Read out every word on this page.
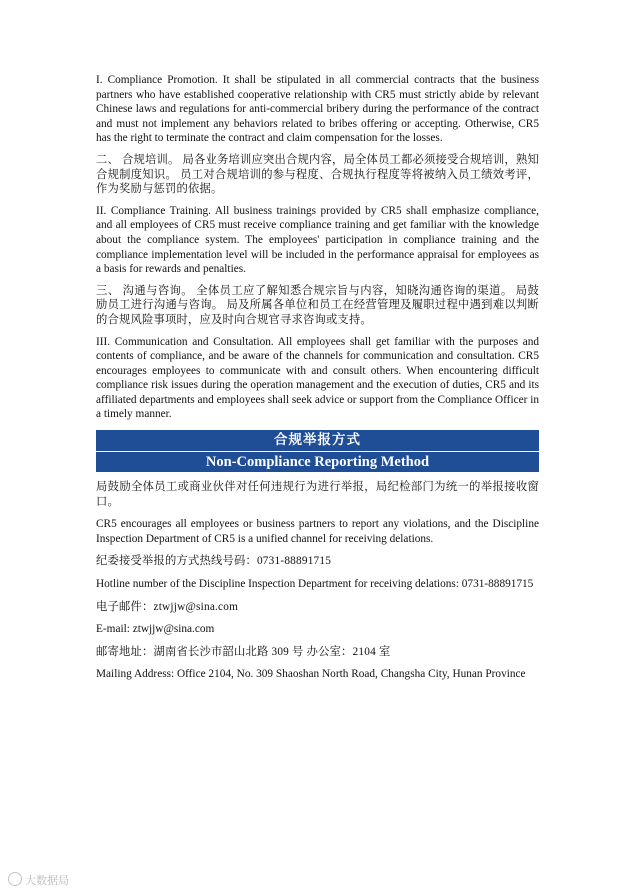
I. Compliance Promotion. It shall be stipulated in all commercial contracts that the business partners who have established cooperative relationship with CR5 must strictly abide by relevant Chinese laws and regulations for anti-commercial bribery during the performance of the contract and must not implement any behaviors related to bribes offering or accepting. Otherwise, CR5 has the right to terminate the contract and claim compensation for the losses.

二、 合规培训。 局各业务培训应突出合规内容，局全体员工都必须接受合规培训，熟知合规制度知识。 员工对合规培训的参与程度、合规执行程度等将被纳入员工绩效考评，作为奖励与惩罚的依据。

II. Compliance Training. All business trainings provided by CR5 shall emphasize compliance, and all employees of CR5 must receive compliance training and get familiar with the knowledge about the compliance system. The employees' participation in compliance training and the compliance implementation level will be included in the performance appraisal for employees as a basis for rewards and penalties.

三、 沟通与咨询。 全体员工应了解知悉合规宗旨与内容，知晓沟通咨询的渠道。 局鼓励员工进行沟通与咨询。 局及所属各单位和员工在经营管理及履职过程中遇到难以判断的合规风险事项时，应及时向合规官寻求咨询或支持。

III. Communication and Consultation. All employees shall get familiar with the purposes and contents of compliance, and be aware of the channels for communication and consultation. CR5 encourages employees to communicate with and consult others. When encountering difficult compliance risk issues during the operation management and the execution of duties, CR5 and its affiliated departments and employees shall seek advice or support from the Compliance Officer in a timely manner.

合规举报方式
Non-Compliance Reporting Method

局鼓励全体员工或商业伙伴对任何违规行为进行举报，局纪检部门为统一的举报接收窗口。

CR5 encourages all employees or business partners to report any violations, and the Discipline Inspection Department of CR5 is a unified channel for receiving delations.

纪委接受举报的方式热线号码：0731-88891715

Hotline number of the Discipline Inspection Department for receiving delations: 0731-88891715

电子邮件：ztwjjw@sina.com

E-mail: ztwjjw@sina.com

邮寄地址：湖南省长沙市韶山北路 309 号 办公室：2104 室

Mailing Address: Office 2104, No. 309 Shaoshan North Road, Changsha City, Hunan Province

大数据局
